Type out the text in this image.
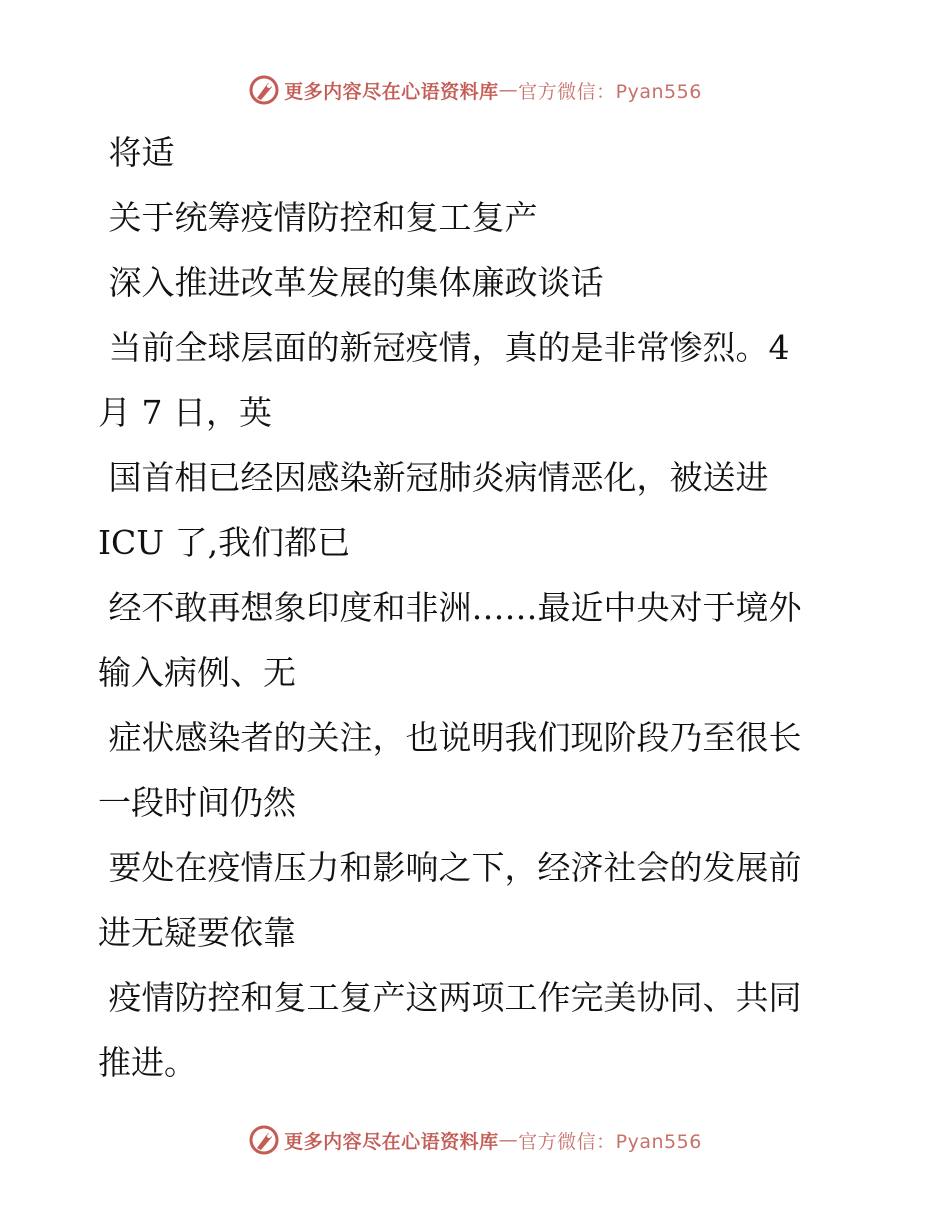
更多内容尽在心语资料库 — 官方微信：Pyan556

将适

关于统筹疫情防控和复工复产

深入推进改革发展的集体廉政谈话

当前全球层面的新冠疫情，真的是非常惨烈。4

月 7 日，英

国首相已经因感染新冠肺炎病情恶化，被送进

ICU 了,我们都已

经不敢再想象印度和非洲……最近中央对于境外

输入病例、无

症状感染者的关注，也说明我们现阶段乃至很长

一段时间仍然

要处在疫情压力和影响之下，经济社会的发展前

进无疑要依靠

疫情防控和复工复产这两项工作完美协同、共同

推进。

更多内容尽在心语资料库 — 官方微信：Pyan556
